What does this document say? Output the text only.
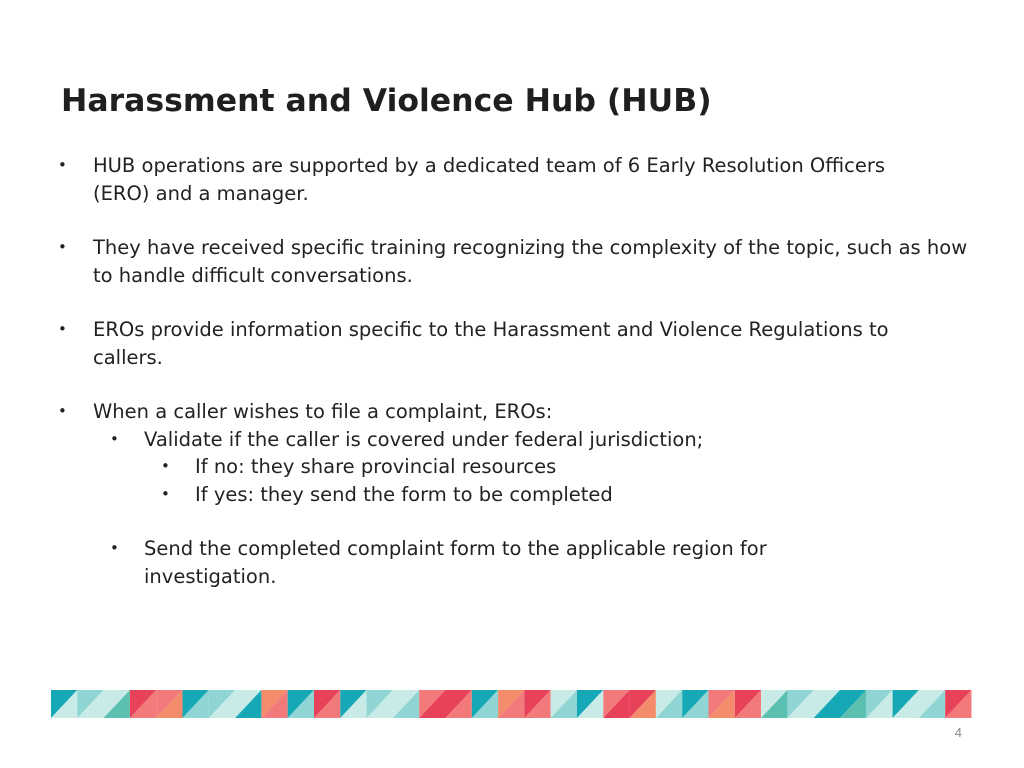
Harassment and Violence Hub (HUB)
• HUB operations are supported by a dedicated team of 6 Early Resolution Officers (ERO) and a manager.
• They have received specific training recognizing the complexity of the topic, such as how to handle difficult conversations.
• EROs provide information specific to the Harassment and Violence Regulations to callers.
• When a caller wishes to file a complaint, EROs:
• Validate if the caller is covered under federal jurisdiction;
• If no: they share provincial resources
• If yes: they send the form to be completed
• Send the completed complaint form to the applicable region for investigation.
4
